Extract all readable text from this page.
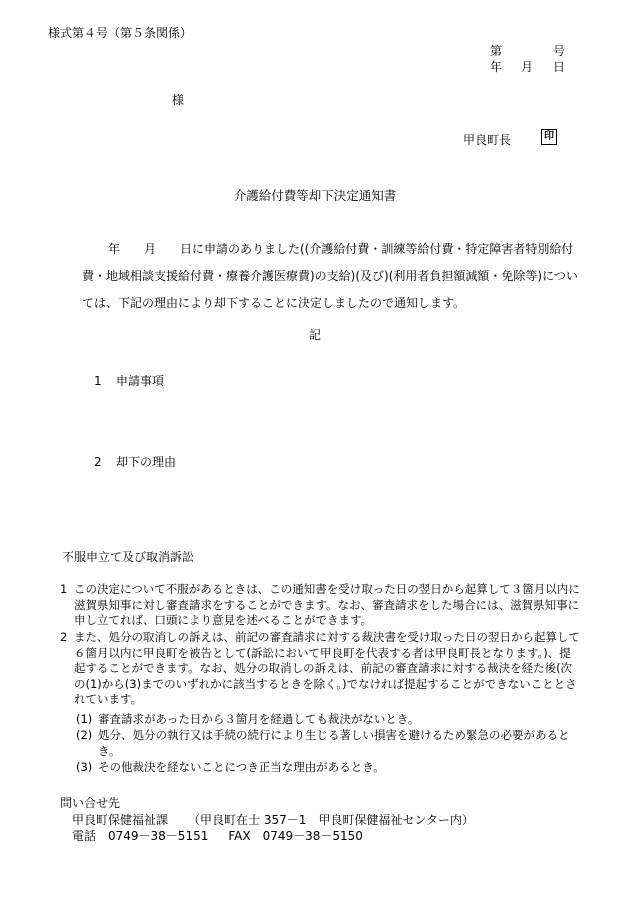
様式第４号（第５条関係）
第	号
年 月 日
様
甲良町長	印
介護給付費等却下決定通知書
年　　月　　日に申請のありました((介護給付費・訓練等給付費・特定障害者特別給付費・地域相談支援給付費・療養介護医療費)の支給)(及び)(利用者負担額減額・免除等)については、下記の理由により却下することに決定しましたので通知します。
記
1 申請事項
2 却下の理由
不服申立て及び取消訴訟
1 この決定について不服があるときは、この通知書を受け取った日の翌日から起算して３箇月以内に滋賀県知事に対し審査請求をすることができます。なお、審査請求をした場合には、滋賀県知事に申し立てれば、口頭により意見を述べることができます。
2 また、処分の取消しの訴えは、前記の審査請求に対する裁決書を受け取った日の翌日から起算して６箇月以内に甲良町を被告として(訴訟において甲良町を代表する者は甲良町長となります。)、提起することができます。なお、処分の取消しの訴えは、前記の審査請求に対する裁決を経た後(次の(1)から(3)までのいずれかに該当するときを除く。)でなければ提起することができないこととされています。
(1) 審査請求があった日から３箇月を経過しても裁決がないとき。
(2) 処分、処分の執行又は手続の続行により生じる著しい損害を避けるため緊急の必要があるとき。
(3) その他裁決を経ないことにつき正当な理由があるとき。
問い合せ先
甲良町保健福祉課 （甲良町在士 357－1　甲良町保健福祉センター内）
電話　0749－38－5151 FAX　0749－38－5150
